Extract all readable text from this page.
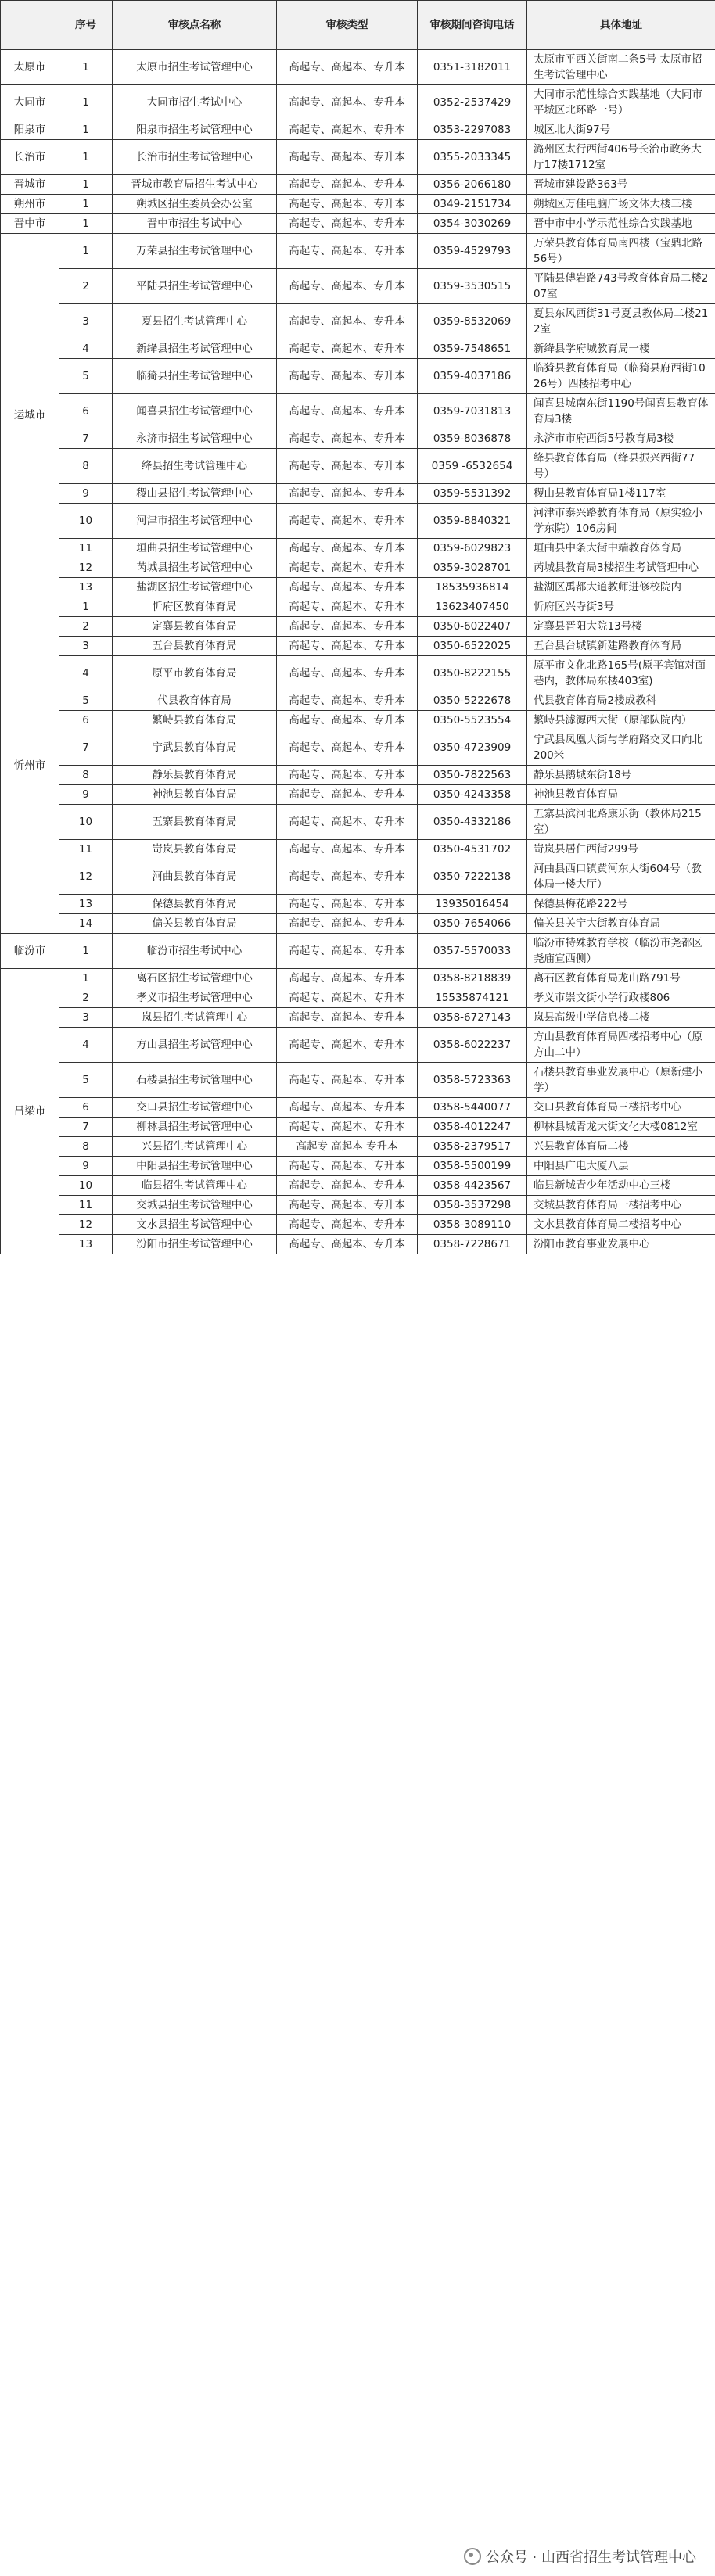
	序号	审核点名称	审核类型	审核期间咨询电话	具体地址
太原市	1	太原市招生考试管理中心	高起专、高起本、专升本	0351-3182011	太原市平西关街南二条5号 太原市招生考试管理中心
大同市	1	大同市招生考试中心	高起专、高起本、专升本	0352-2537429	大同市示范性综合实践基地（大同市平城区北环路一号）
阳泉市	1	阳泉市招生考试管理中心	高起专、高起本、专升本	0353-2297083	城区北大街97号
长治市	1	长治市招生考试管理中心	高起专、高起本、专升本	0355-2033345	潞州区太行西街406号长治市政务大厅17楼1712室
晋城市	1	晋城市教育局招生考试中心	高起专、高起本、专升本	0356-2066180	晋城市建设路363号
朔州市	1	朔城区招生委员会办公室	高起专、高起本、专升本	0349-2151734	朔城区万佳电脑广场文体大楼三楼
晋中市	1	晋中市招生考试中心	高起专、高起本、专升本	0354-3030269	晋中市中小学示范性综合实践基地
运城市	1	万荣县招生考试管理中心	高起专、高起本、专升本	0359-4529793	万荣县教育体育局南四楼（宝鼎北路56号）
	2	平陆县招生考试管理中心	高起专、高起本、专升本	0359-3530515	平陆县傅岩路743号教育体育局二楼207室
	3	夏县招生考试管理中心	高起专、高起本、专升本	0359-8532069	夏县东风西街31号夏县教体局二楼212室
	4	新绛县招生考试管理中心	高起专、高起本、专升本	0359-7548651	新绛县学府城教育局一楼
	5	临猗县招生考试管理中心	高起专、高起本、专升本	0359-4037186	临猗县教育体育局（临猗县府西街1026号）四楼招考中心
	6	闻喜县招生考试管理中心	高起专、高起本、专升本	0359-7031813	闻喜县城南东街1190号闻喜县教育体育局3楼
	7	永济市招生考试管理中心	高起专、高起本、专升本	0359-8036878	永济市市府西街5号教育局3楼
	8	绛县招生考试管理中心	高起专、高起本、专升本	0359 -6532654	绛县教育体育局（绛县振兴西街77号）
	9	稷山县招生考试管理中心	高起专、高起本、专升本	0359-5531392	稷山县教育体育局1楼117室
	10	河津市招生考试管理中心	高起专、高起本、专升本	0359-8840321	河津市泰兴路教育体育局（原实验小学东院）106房间
	11	垣曲县招生考试管理中心	高起专、高起本、专升本	0359-6029823	垣曲县中条大街中端教育体育局
	12	芮城县招生考试管理中心	高起专、高起本、专升本	0359-3028701	芮城县教育局3楼招生考试管理中心
	13	盐湖区招生考试管理中心	高起专、高起本、专升本	18535936814	盐湖区禹都大道教师进修校院内
忻州市	1	忻府区教育体育局	高起专、高起本、专升本	13623407450	忻府区兴寺街3号
	2	定襄县教育体育局	高起专、高起本、专升本	0350-6022407	定襄县晋阳大院13号楼
	3	五台县教育体育局	高起专、高起本、专升本	0350-6522025	五台县台城镇新建路教育体育局
	4	原平市教育体育局	高起专、高起本、专升本	0350-8222155	原平市文化北路165号(原平宾馆对面巷内，教体局东楼403室)
	5	代县教育体育局	高起专、高起本、专升本	0350-5222678	代县教育体育局2楼成教科
	6	繁峙县教育体育局	高起专、高起本、专升本	0350-5523554	繁峙县滹源西大街（原部队院内）
	7	宁武县教育体育局	高起专、高起本、专升本	0350-4723909	宁武县凤凰大街与学府路交叉口向北200米
	8	静乐县教育体育局	高起专、高起本、专升本	0350-7822563	静乐县鹅城东街18号
	9	神池县教育体育局	高起专、高起本、专升本	0350-4243358	神池县教育体育局
	10	五寨县教育体育局	高起专、高起本、专升本	0350-4332186	五寨县滨河北路康乐街（教体局215室）
	11	岢岚县教育体育局	高起专、高起本、专升本	0350-4531702	岢岚县居仁西街299号
	12	河曲县教育体育局	高起专、高起本、专升本	0350-7222138	河曲县西口镇黄河东大街604号（教体局一楼大厅）
	13	保德县教育体育局	高起专、高起本、专升本	13935016454	保德县梅花路222号
	14	偏关县教育体育局	高起专、高起本、专升本	0350-7654066	偏关县关宁大街教育体育局
临汾市	1	临汾市招生考试中心	高起专、高起本、专升本	0357-5570033	临汾市特殊教育学校（临汾市尧都区尧庙宣西侧）
吕梁市	1	离石区招生考试管理中心	高起专、高起本、专升本	0358-8218839	离石区教育体育局龙山路791号
	2	孝义市招生考试管理中心	高起专、高起本、专升本	15535874121	孝义市崇文街小学行政楼806
	3	岚县招生考试管理中心	高起专、高起本、专升本	0358-6727143	岚县高级中学信息楼二楼
	4	方山县招生考试管理中心	高起专、高起本、专升本	0358-6022237	方山县教育体育局四楼招考中心（原方山二中）
	5	石楼县招生考试管理中心	高起专、高起本、专升本	0358-5723363	石楼县教育事业发展中心（原新建小学）
	6	交口县招生考试管理中心	高起专、高起本、专升本	0358-5440077	交口县教育体育局三楼招考中心
	7	柳林县招生考试管理中心	高起专、高起本、专升本	0358-4012247	柳林县城青龙大街文化大楼0812室
	8	兴县招生考试管理中心	高起专 高起本 专升本	0358-2379517	兴县教育体育局二楼
	9	中阳县招生考试管理中心	高起专、高起本、专升本	0358-5500199	中阳县广电大厦八层
	10	临县招生考试管理中心	高起专、高起本、专升本	0358-4423567	临县新城青少年活动中心三楼
	11	交城县招生考试管理中心	高起专、高起本、专升本	0358-3537298	交城县教育体育局一楼招考中心
	12	文水县招生考试管理中心	高起专、高起本、专升本	0358-3089110	文水县教育体育局二楼招考中心
	13	汾阳市招生考试管理中心	高起专、高起本、专升本	0358-7228671	汾阳市教育事业发展中心
公众号 · 山西省招生考试管理中心
